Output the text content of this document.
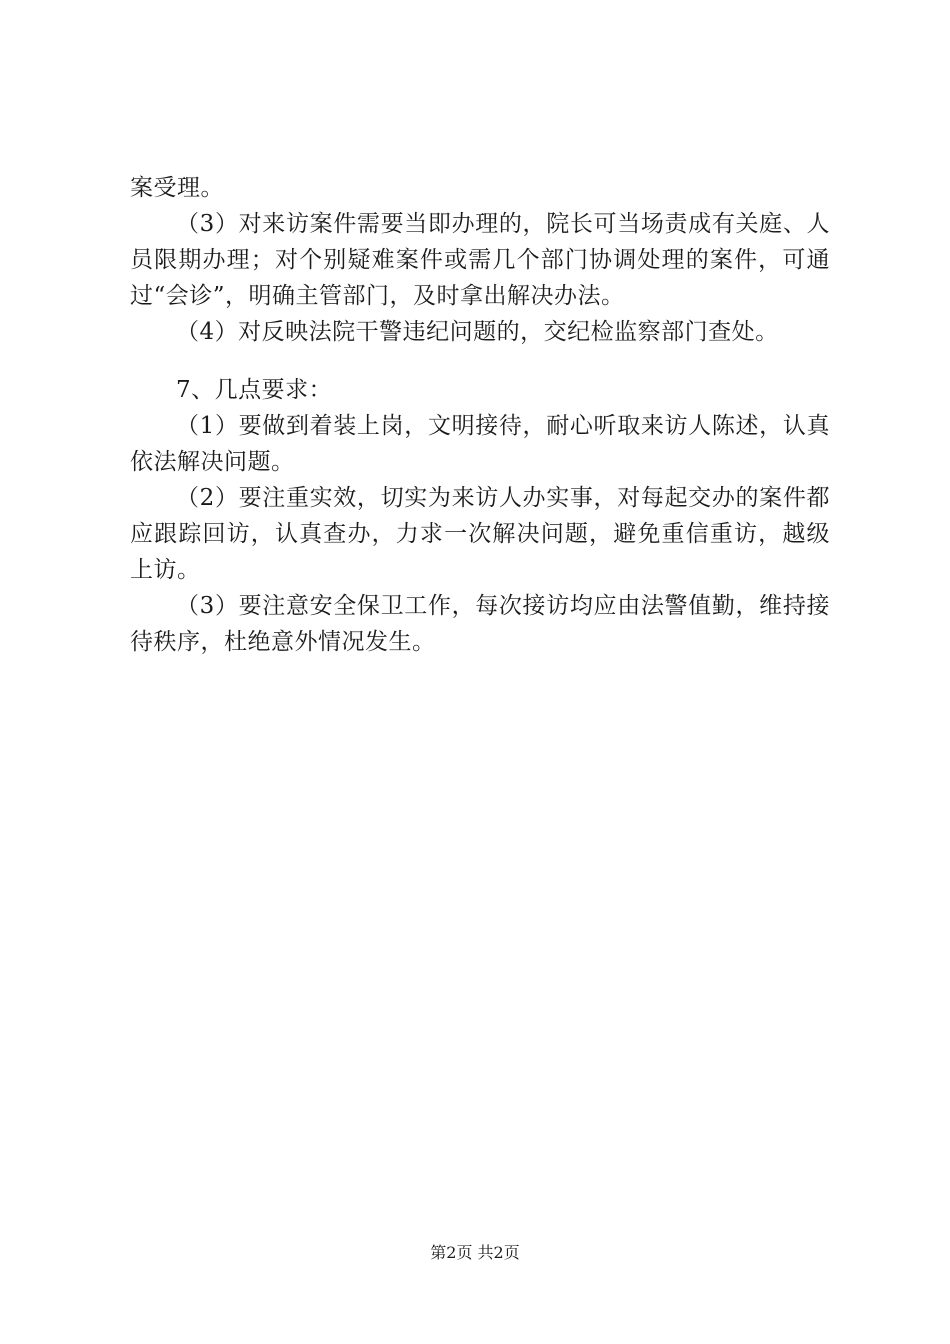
案受理。

（3）对来访案件需要当即办理的，院长可当场责成有关庭、人员限期办理；对个别疑难案件或需几个部门协调处理的案件，可通过“会诊”，明确主管部门，及时拿出解决办法。

（4）对反映法院干警违纪问题的，交纪检监察部门查处。

7、几点要求：

（1）要做到着装上岗，文明接待，耐心听取来访人陈述，认真依法解决问题。

（2）要注重实效，切实为来访人办实事，对每起交办的案件都应跟踪回访，认真查办，力求一次解决问题，避免重信重访，越级上访。

（3）要注意安全保卫工作，每次接访均应由法警值勤，维持接待秩序，杜绝意外情况发生。

第2页 共2页
